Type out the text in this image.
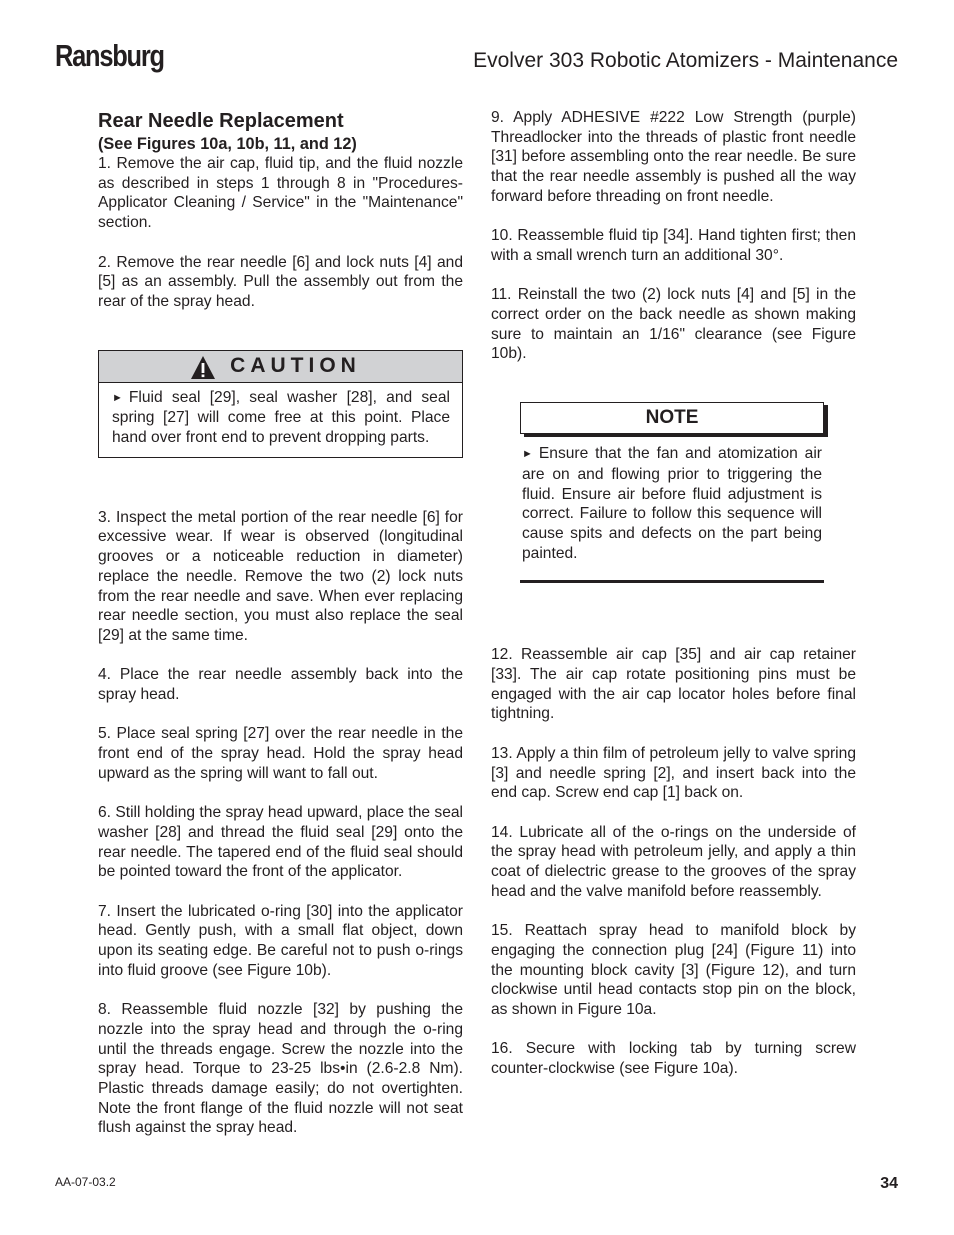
Ransburg	Evolver 303 Robotic Atomizers - Maintenance
Rear Needle Replacement

(See Figures 10a, 10b, 11, and 12)

1. Remove the air cap, fluid tip, and the fluid nozzle as described in steps 1 through 8 in "Procedures- Applicator Cleaning / Service" in the "Maintenance" section.

2. Remove the rear needle [6] and lock nuts [4] and [5] as an assembly. Pull the assembly out from the rear of the spray head.

CAUTION
► Fluid seal [29], seal washer [28], and seal spring [27] will come free at this point. Place hand over front end to prevent dropping parts.

3. Inspect the metal portion of the rear needle [6] for excessive wear. If wear is observed (longitudinal grooves or a noticeable reduction in diameter) replace the needle. Remove the two (2) lock nuts from the rear needle and save. When ever replacing rear needle section, you must also replace the seal [29] at the same time.

4. Place the rear needle assembly back into the spray head.

5. Place seal spring [27] over the rear needle in the front end of the spray head. Hold the spray head upward as the spring will want to fall out.

6. Still holding the spray head upward, place the seal washer [28] and thread the fluid seal [29] onto the rear needle. The tapered end of the fluid seal should be pointed toward the front of the applicator.

7. Insert the lubricated o-ring [30] into the applicator head. Gently push, with a small flat object, down upon its seating edge. Be careful not to push o-rings into fluid groove (see Figure 10b).

8. Reassemble fluid nozzle [32] by pushing the nozzle into the spray head and through the o-ring until the threads engage. Screw the nozzle into the spray head. Torque to 23-25 lbs•in (2.6-2.8 Nm). Plastic threads damage easily; do not overtighten. Note the front flange of the fluid nozzle will not seat flush against the spray head.

9. Apply ADHESIVE #222 Low Strength (purple) Threadlocker into the threads of plastic front needle [31] before assembling onto the rear needle. Be sure that the rear needle assembly is pushed all the way forward before threading on front needle.

10. Reassemble fluid tip [34]. Hand tighten first; then with a small wrench turn an additional 30°.

11. Reinstall the two (2) lock nuts [4] and [5] in the correct order on the back needle as shown making sure to maintain an 1/16" clearance (see Figure 10b).

NOTE
► Ensure that the fan and atomization air are on and flowing prior to triggering the fluid. Ensure air before fluid adjustment is correct. Failure to follow this sequence will cause spits and defects on the part being painted.

12. Reassemble air cap [35] and air cap retainer [33]. The air cap rotate positioning pins must be engaged with the air cap locator holes before final tightning.

13. Apply a thin film of petroleum jelly to valve spring [3] and needle spring [2], and insert back into the end cap. Screw end cap [1] back on.

14. Lubricate all of the o-rings on the underside of the spray head with petroleum jelly, and apply a thin coat of dielectric grease to the grooves of the spray head and the valve manifold before reassembly.

15. Reattach spray head to manifold block by engaging the connection plug [24] (Figure 11) into the mounting block cavity [3] (Figure 12), and turn clockwise until head contacts stop pin on the block, as shown in Figure 10a.

16. Secure with locking tab by turning screw counter-clockwise (see Figure 10a).

AA-07-03.2	34
